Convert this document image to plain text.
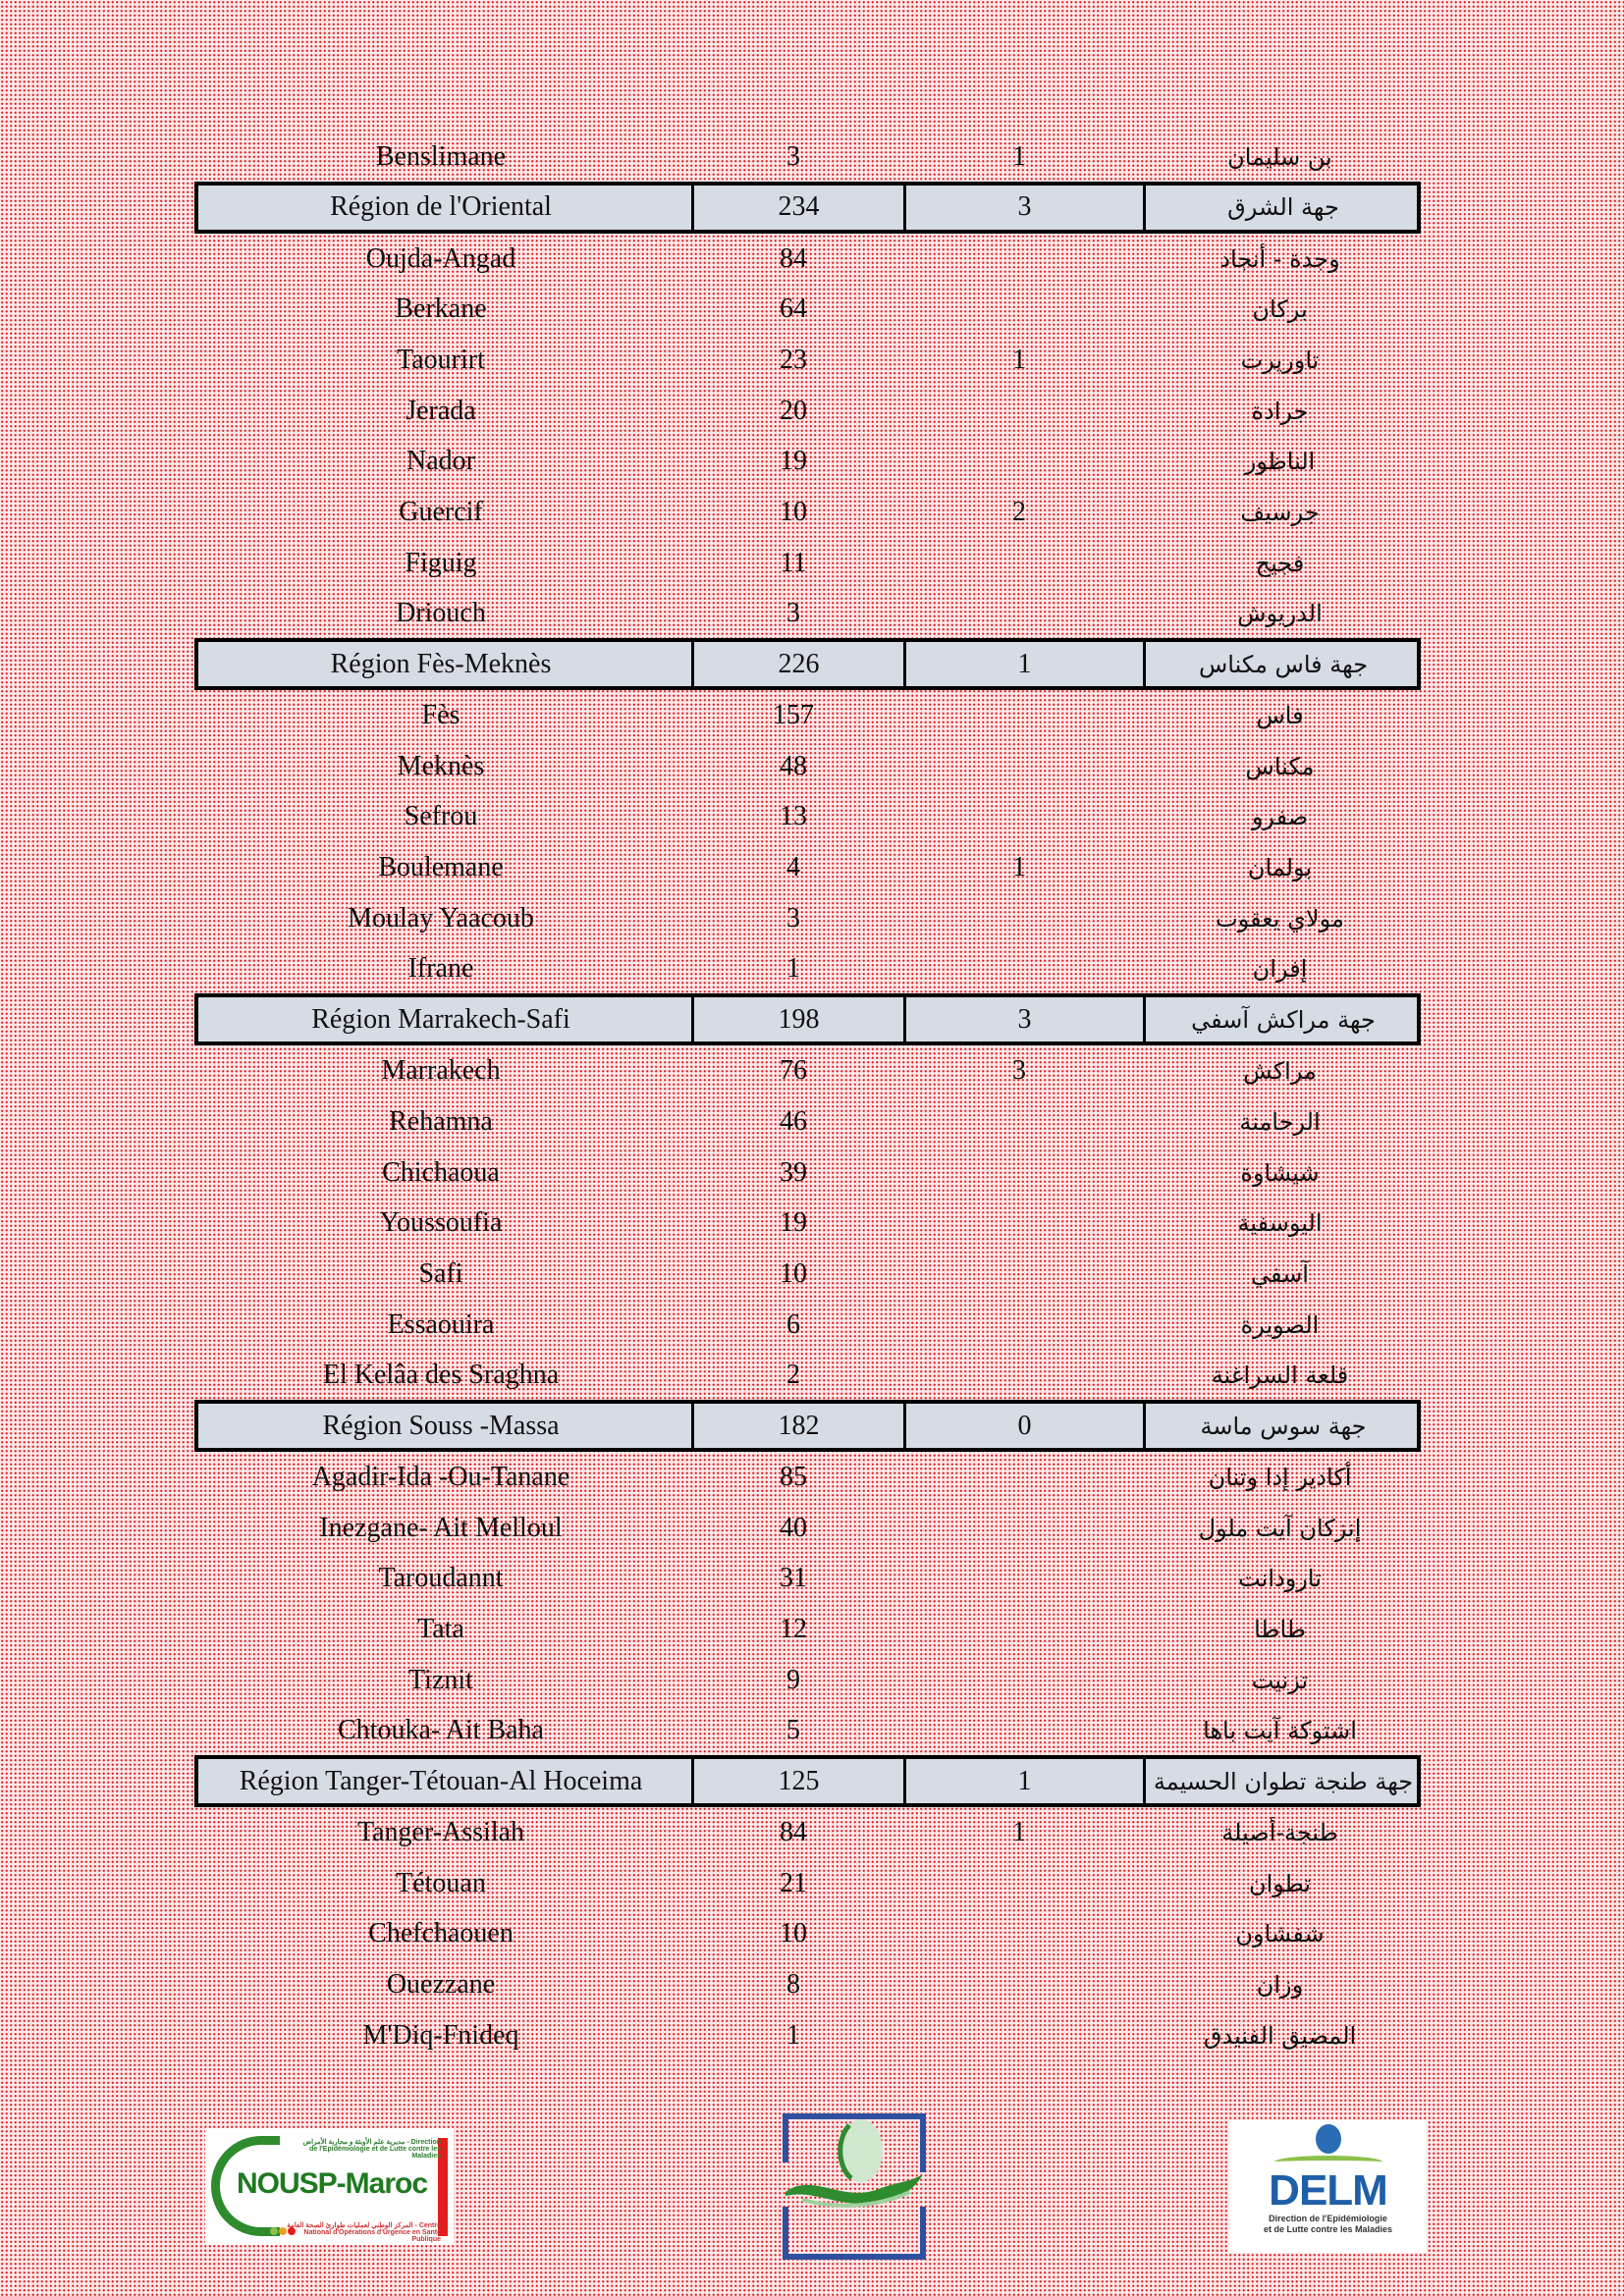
Benslimane	3	1	بن سليمان
Région de l'Oriental	234	3	جهة الشرق
Oujda-Angad	84	وجدة - أنجاد
Berkane	64	بركان
Taourirt	23	1	تاوريرت
Jerada	20	جرادة
Nador	19	الناظور
Guercif	10	2	جرسيف
Figuig	11	فجيج
Driouch	3	الدريوش
Région Fès-Meknès	226	1	جهة فاس مكناس
Fès	157	فاس
Meknès	48	مكناس
Sefrou	13	صفرو
Boulemane	4	1	بولمان
Moulay Yaacoub	3	مولاي يعقوب
Ifrane	1	إفران
Région Marrakech-Safi	198	3	جهة مراكش آسفي
Marrakech	76	3	مراكش
Rehamna	46	الرحامنة
Chichaoua	39	شيشاوة
Youssoufia	19	اليوسفية
Safi	10	آسفي
Essaouira	6	الصويرة
El Kelâa des Sraghna	2	قلعة السراغنة
Région Souss -Massa	182	0	جهة سوس ماسة
Agadir-Ida -Ou-Tanane	85	أكادير إدا وتنان
Inezgane- Ait Melloul	40	إنزكان آيت ملول
Taroudannt	31	تارودانت
Tata	12	طاطا
Tiznit	9	تزنيت
Chtouka- Ait Baha	5	اشتوكة آيت باها
Région Tanger-Tétouan-Al Hoceima	125	1	جهة طنجة تطوان الحسيمة
Tanger-Assilah	84	1	طنجة-أصيلة
Tétouan	21	تطوان
Chefchaouen	10	شفشاون
Ouezzane	8	وزان
M'Diq-Fnideq	1	المضيق الفنيدق
مديرية علم الأوبئة و محاربة الأمراض - Direction de l'Epidémiologie et de Lutte contre les Maladies
NOUSP-Maroc
المركز الوطني لعمليات طوارئ الصحة العامة - Centre National d'Opérations d'Urgence en Santé Publique
DELM
Direction de l'Epidémiologie
et de Lutte contre les Maladies
